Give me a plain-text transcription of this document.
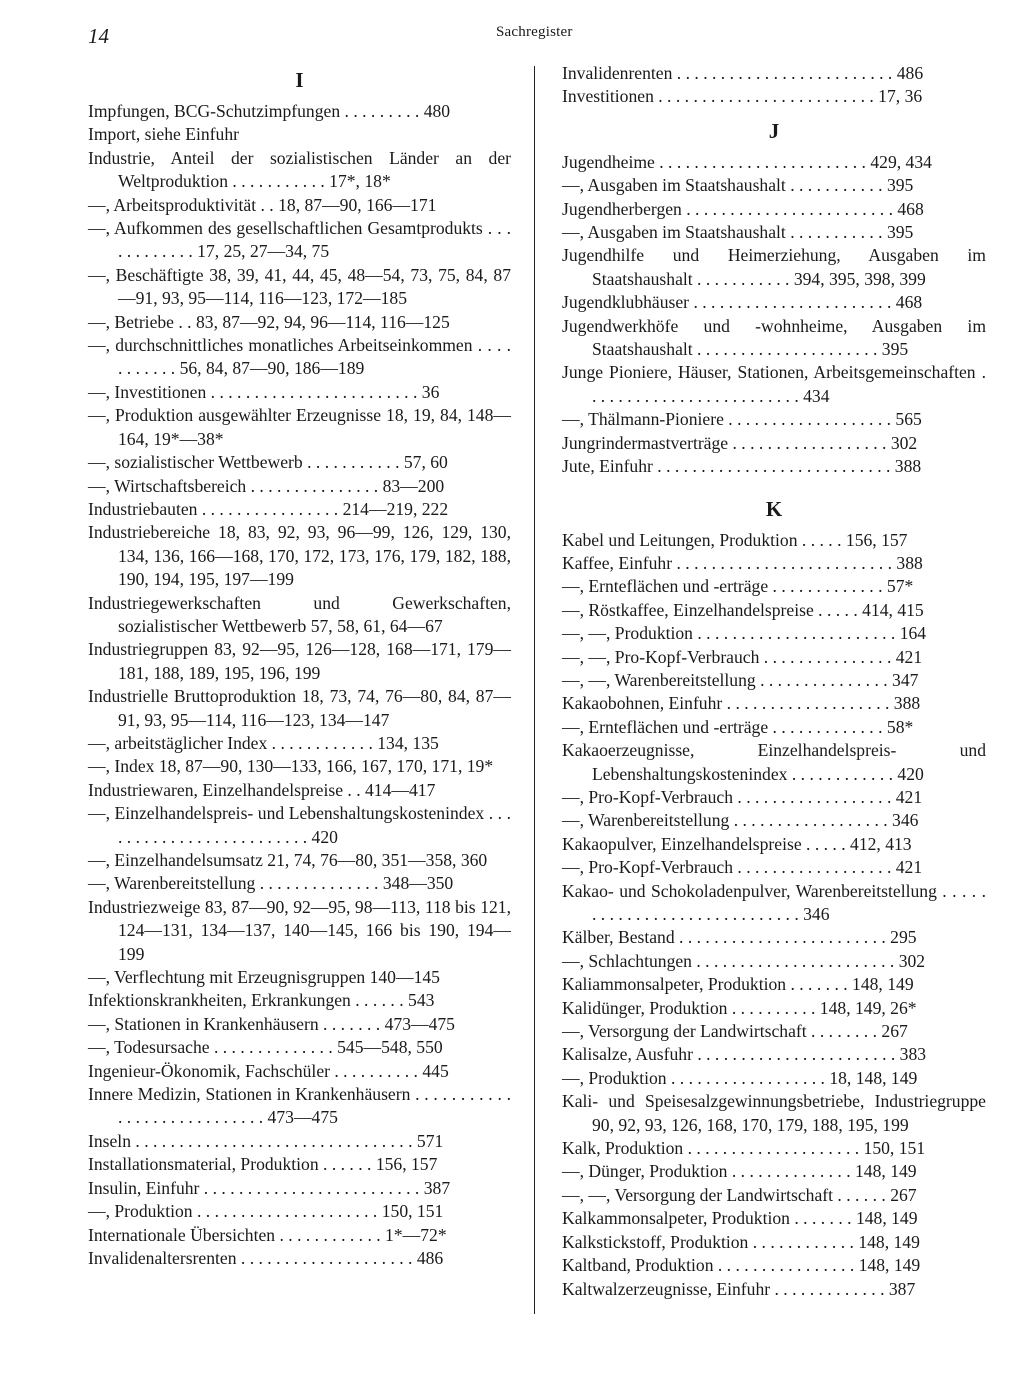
14	Sachregister
I
Impfungen, BCG-Schutzimpfungen . . . . . . . . . 480
Import, siehe Einfuhr
Industrie, Anteil der sozialistischen Länder an der Weltproduktion . . . . . . . . . . . 17*, 18*
—, Arbeitsproduktivität . . 18, 87—90, 166—171
—, Aufkommen des gesellschaftlichen Gesamtprodukts . . . . . . . . . . . . 17, 25, 27—34, 75
—, Beschäftigte 38, 39, 41, 44, 45, 48—54, 73, 75, 84, 87—91, 93, 95—114, 116—123, 172—185
—, Betriebe . . 83, 87—92, 94, 96—114, 116—125
—, durchschnittliches monatliches Arbeitseinkommen . . . . . . . . . . . 56, 84, 87—90, 186—189
—, Investitionen . . . . . . . . . . . . . . . . . . . . . . . . 36
—, Produktion ausgewählter Erzeugnisse 18, 19, 84, 148—164, 19*—38*
—, sozialistischer Wettbewerb . . . . . . . . . . . 57, 60
—, Wirtschaftsbereich . . . . . . . . . . . . . . . 83—200
Industriebauten . . . . . . . . . . . . . . . . 214—219, 222
Industriebereiche 18, 83, 92, 93, 96—99, 126, 129, 130, 134, 136, 166—168, 170, 172, 173, 176, 179, 182, 188, 190, 194, 195, 197—199
Industriegewerkschaften und Gewerkschaften, sozialistischer Wettbewerb 57, 58, 61, 64—67
Industriegruppen 83, 92—95, 126—128, 168—171, 179—181, 188, 189, 195, 196, 199
Industrielle Bruttoproduktion 18, 73, 74, 76—80, 84, 87—91, 93, 95—114, 116—123, 134—147
—, arbeitstäglicher Index . . . . . . . . . . . . 134, 135
—, Index 18, 87—90, 130—133, 166, 167, 170, 171, 19*
Industriewaren, Einzelhandelspreise . . 414—417
—, Einzelhandelspreis- und Lebenshaltungskostenindex . . . . . . . . . . . . . . . . . . . . . . . . . 420
—, Einzelhandelsumsatz 21, 74, 76—80, 351—358, 360
—, Warenbereitstellung . . . . . . . . . . . . . . 348—350
Industriezweige 83, 87—90, 92—95, 98—113, 118 bis 121, 124—131, 134—137, 140—145, 166 bis 190, 194—199
—, Verflechtung mit Erzeugnisgruppen 140—145
Infektionskrankheiten, Erkrankungen . . . . . . 543
—, Stationen in Krankenhäusern . . . . . . . 473—475
—, Todesursache . . . . . . . . . . . . . . 545—548, 550
Ingenieur-Ökonomik, Fachschüler . . . . . . . . . . 445
Innere Medizin, Stationen in Krankenhäusern . . . . . . . . . . . . . . . . . . . . . . . . . . . . 473—475
Inseln . . . . . . . . . . . . . . . . . . . . . . . . . . . . . . . . 571
Installationsmaterial, Produktion . . . . . . 156, 157
Insulin, Einfuhr . . . . . . . . . . . . . . . . . . . . . . . . . 387
—, Produktion . . . . . . . . . . . . . . . . . . . . . 150, 151
Internationale Übersichten . . . . . . . . . . . . 1*—72*
Invalidenaltersrenten . . . . . . . . . . . . . . . . . . . . 486
Invalidenrenten . . . . . . . . . . . . . . . . . . . . . . . . . 486
Investitionen . . . . . . . . . . . . . . . . . . . . . . . . . 17, 36
J
Jugendheime . . . . . . . . . . . . . . . . . . . . . . . . 429, 434
—, Ausgaben im Staatshaushalt . . . . . . . . . . . 395
Jugendherbergen . . . . . . . . . . . . . . . . . . . . . . . . 468
—, Ausgaben im Staatshaushalt . . . . . . . . . . . 395
Jugendhilfe und Heimerziehung, Ausgaben im Staatshaushalt . . . . . . . . . . . 394, 395, 398, 399
Jugendklubhäuser . . . . . . . . . . . . . . . . . . . . . . . 468
Jugendwerkhöfe und -wohnheime, Ausgaben im Staatshaushalt . . . . . . . . . . . . . . . . . . . . . 395
Junge Pioniere, Häuser, Stationen, Arbeitsgemeinschaften . . . . . . . . . . . . . . . . . . . . . . . . . 434
—, Thälmann-Pioniere . . . . . . . . . . . . . . . . . . . 565
Jungrindermastverträge . . . . . . . . . . . . . . . . . . 302
Jute, Einfuhr . . . . . . . . . . . . . . . . . . . . . . . . . . . 388
K
Kabel und Leitungen, Produktion . . . . . 156, 157
Kaffee, Einfuhr . . . . . . . . . . . . . . . . . . . . . . . . . 388
—, Ernteflächen und -erträge . . . . . . . . . . . . . 57*
—, Röstkaffee, Einzelhandelspreise . . . . . 414, 415
—, —, Produktion . . . . . . . . . . . . . . . . . . . . . . . 164
—, —, Pro-Kopf-Verbrauch . . . . . . . . . . . . . . . 421
—, —, Warenbereitstellung . . . . . . . . . . . . . . . 347
Kakaobohnen, Einfuhr . . . . . . . . . . . . . . . . . . . 388
—, Ernteflächen und -erträge . . . . . . . . . . . . . 58*
Kakaoerzeugnisse, Einzelhandelspreis- und Lebenshaltungskostenindex . . . . . . . . . . . . 420
—, Pro-Kopf-Verbrauch . . . . . . . . . . . . . . . . . . 421
—, Warenbereitstellung . . . . . . . . . . . . . . . . . . 346
Kakaopulver, Einzelhandelspreise . . . . . 412, 413
—, Pro-Kopf-Verbrauch . . . . . . . . . . . . . . . . . . 421
Kakao- und Schokoladenpulver, Warenbereitstellung . . . . . . . . . . . . . . . . . . . . . . . . . . . . . 346
Kälber, Bestand . . . . . . . . . . . . . . . . . . . . . . . . 295
—, Schlachtungen . . . . . . . . . . . . . . . . . . . . . . . 302
Kaliammonsalpeter, Produktion . . . . . . . 148, 149
Kalidünger, Produktion . . . . . . . . . . 148, 149, 26*
—, Versorgung der Landwirtschaft . . . . . . . . 267
Kalisalze, Ausfuhr . . . . . . . . . . . . . . . . . . . . . . . 383
—, Produktion . . . . . . . . . . . . . . . . . . 18, 148, 149
Kali- und Speisesalzgewinnungsbetriebe, Industriegruppe 90, 92, 93, 126, 168, 170, 179, 188, 195, 199
Kalk, Produktion . . . . . . . . . . . . . . . . . . . . 150, 151
—, Dünger, Produktion . . . . . . . . . . . . . . 148, 149
—, —, Versorgung der Landwirtschaft . . . . . . 267
Kalkammonsalpeter, Produktion . . . . . . . 148, 149
Kalkstickstoff, Produktion . . . . . . . . . . . . 148, 149
Kaltband, Produktion . . . . . . . . . . . . . . . . 148, 149
Kaltwalzerzeugnisse, Einfuhr . . . . . . . . . . . . . 387
